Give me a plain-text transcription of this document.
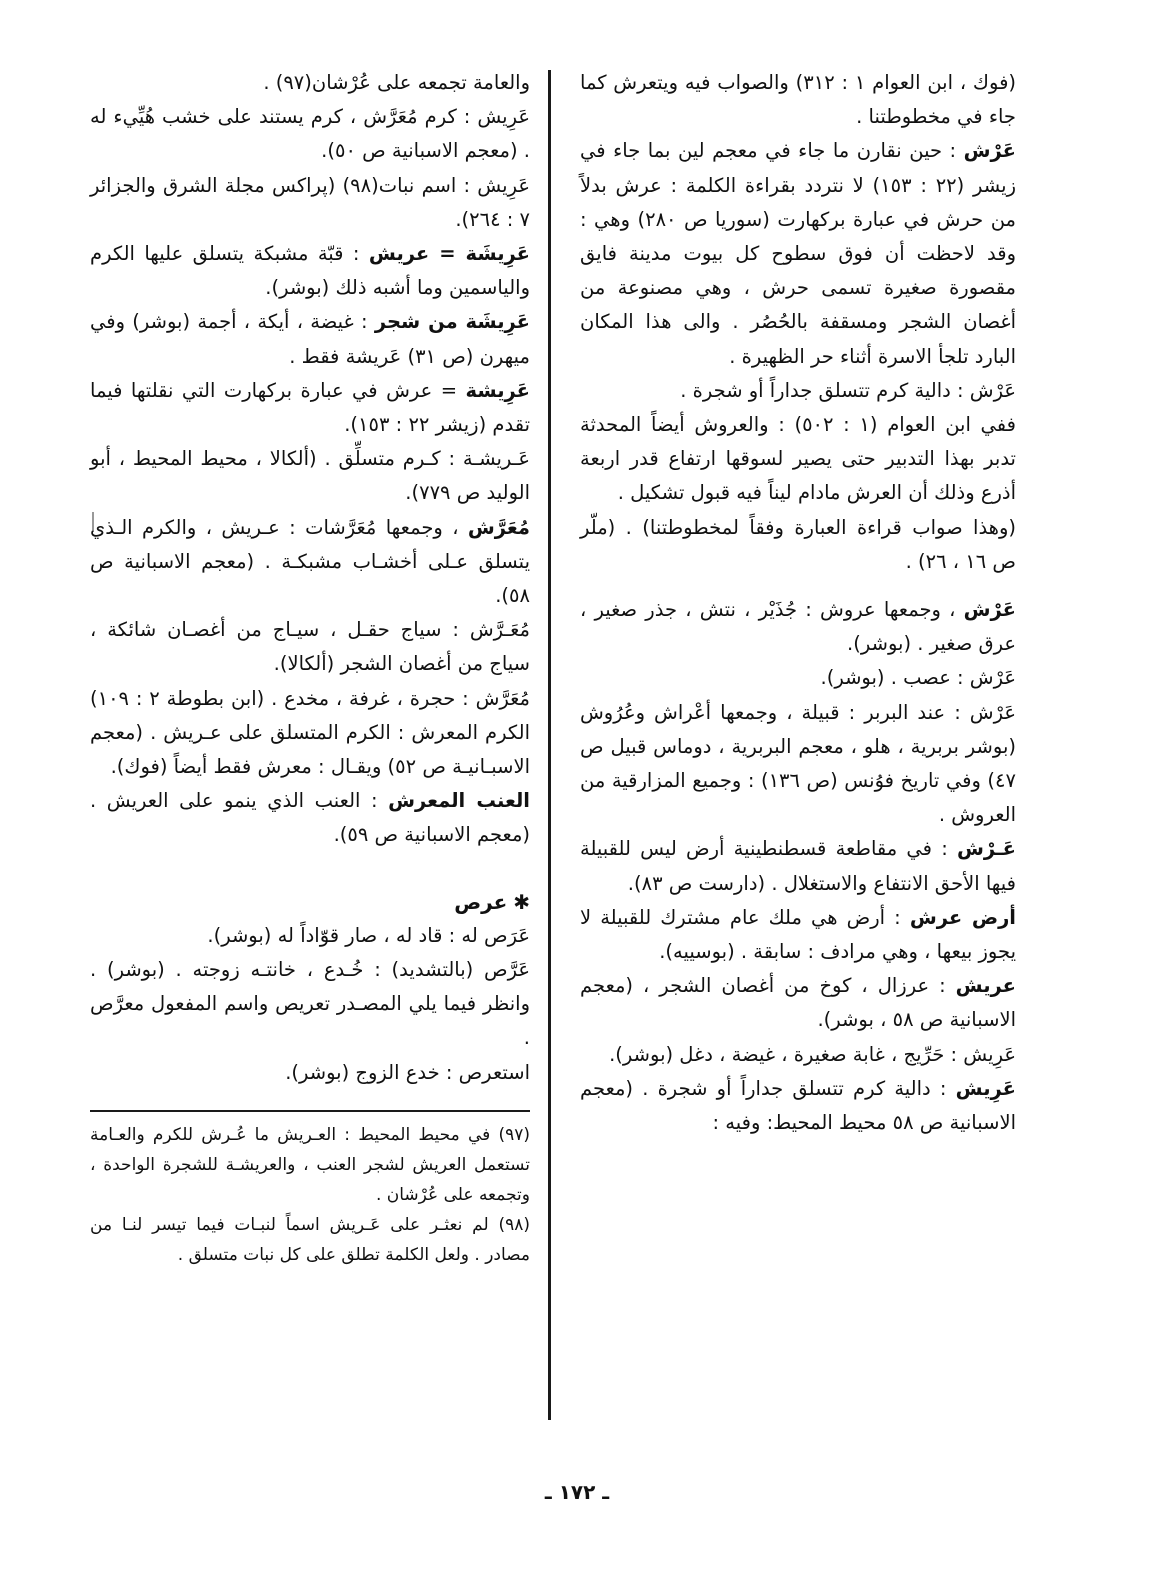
(فوك ، ابن العوام ١ : ٣١٢) والصواب فيه ويتعرش كما جاء في مخطوطتنا .

عَرْش : حين نقارن ما جاء في معجم لين بما جاء في زيشر (٢٢ : ١٥٣) لا نتردد بقراءة الكلمة : عرش بدلاً من حرش في عبارة بركهارت (سوريا ص ٢٨٠) وهي : وقد لاحظت أن فوق سطوح كل بيوت مدينة فايق مقصورة صغيرة تسمى حرش ، وهي مصنوعة من أغصان الشجر ومسقفة بالحُصُر . والى هذا المكان البارد تلجأ الاسرة أثناء حر الظهيرة .

عَرْش : دالية كرم تتسلق جداراً أو شجرة .

ففي ابن العوام (١ : ٥٠٢) : والعروش أيضاً المحدثة تدبر بهذا التدبير حتى يصير لسوقها ارتفاع قدر اربعة أذرع وذلك أن العرش مادام ليناً فيه قبول تشكيل .

(وهذا صواب قراءة العبارة وفقاً لمخطوطتنا) . (ملّر ص ١٦ ، ٢٦) .

عَرْش ، وجمعها عروش : جُذَيْر ، نتش ، جذر صغير ، عرق صغير . (بوشر).

عَرْش : عصب . (بوشر).

عَرْش : عند البربر : قبيلة ، وجمعها أعْراش وعُرُوش (بوشر بربرية ، هلو ، معجم البربرية ، دوماس قبيل ص ٤٧) وفي تاريخ فوُنس (ص ١٣٦) : وجميع المزارقية من العروش .

عَـرْش : في مقاطعة قسطنطينية أرض ليس للقبيلة فيها الأحق الانتفاع والاستغلال . (دارست ص ٨٣).

أرض عرش : أرض هي ملك عام مشترك للقبيلة لا يجوز بيعها ، وهي مرادف : سابقة . (بوسييه).

عريش : عرزال ، كوخ من أغصان الشجر ، (معجم الاسبانية ص ٥٨ ، بوشر).

عَرِيش : حَرِّيج ، غابة صغيرة ، غيضة ، دغل (بوشر).

عَرِيش : دالية كرم تتسلق جداراً أو شجرة . (معجم الاسبانية ص ٥٨ محيط المحيط: وفيه :

والعامة تجمعه على عُرْشان(٩٧) .

عَرِيش : كرم مُعَرَّش ، كرم يستند على خشب هُيِّيء له . (معجم الاسبانية ص ٥٠).

عَرِيش : اسم نبات(٩٨) (پراكس مجلة الشرق والجزائر ٧ : ٢٦٤).

عَرِيشَة = عريش : قبّة مشبكة يتسلق عليها الكرم والياسمين وما أشبه ذلك (بوشر).

عَرِيشَة من شجر : غيضة ، أيكة ، أجمة (بوشر) وفي ميهرن (ص ٣١) عَريشة فقط .

عَرِيشة = عرش في عبارة بركهارت التي نقلتها فيما تقدم (زيشر ٢٢ : ١٥٣).

عَـريشـة : كـرم متسلِّق . (ألكالا ، محيط المحيط ، أبو الوليد ص ٧٧٩).

مُعَرَّش ، وجمعها مُعَرَّشات : عـريش ، والكرم الـذي يتسلق عـلى أخشـاب مشبكـة . (معجم الاسبانية ص ٥٨).

مُعَـرَّش : سياج حقـل ، سيـاج من أغصـان شائكة ، سياج من أغصان الشجر (ألكالا).

مُعَرَّش : حجرة ، غرفة ، مخدع . (ابن بطوطة ٢ : ١٠٩) الكرم المعرش : الكرم المتسلق على عـريش . (معجم الاسبـانيـة ص ٥٢) ويقـال : معرش فقط أيضاً (فوك).

العنب المعرش : العنب الذي ينمو على العريش . (معجم الاسبانية ص ٥٩).

✱عرص

عَرَص له : قاد له ، صار قوّاداً له (بوشر).

عَرَّص (بالتشديد) : خُـدع ، خانتـه زوجته . (بوشر) . وانظر فيما يلي المصـدر تعريص واسم المفعول معرَّص .

استعرص : خدع الزوج (بوشر).

(٩٧) في محيط المحيط : العـريش ما عُـرش للكرم والعـامة تستعمل العريش لشجر العنب ، والعريشـة للشجرة الواحدة ، وتجمعه على عُرْشان .

(٩٨) لم نعثـر على عَـريش اسماً لنبـات فيما تيسر لنـا من مصادر . ولعل الكلمة تطلق على كل نبات متسلق .

ـ ١٧٢ ـ
